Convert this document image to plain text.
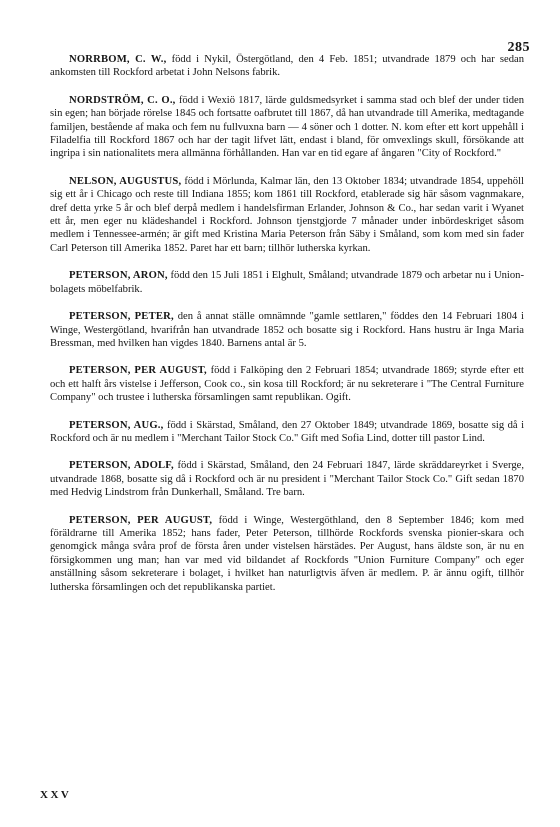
285

NORRBOM, C. W., född i Nykil, Östergötland, den 4 Feb. 1851; utvandrade 1879 och har sedan ankomsten till Rockford arbetat i John Nelsons fabrik.

NORDSTRÖM, C. O., född i Wexiö 1817, lärde guldsmedsyrket i samma stad och blef der under tiden sin egen; han började rörelse 1845 och fortsatte oafbrutet till 1867, då han utvandrade till Amerika, medtagande familjen, bestående af maka och fem nu fullvuxna barn — 4 söner och 1 dotter. N. kom efter ett kort uppehåll i Filadelfia till Rockford 1867 och har der tagit lifvet lätt, endast i bland, för omvexlings skull, försökande att ingripa i sin nationalitets mera allmänna förhållanden. Han var en tid egare af ångaren "City of Rockford."

NELSON, AUGUSTUS, född i Mörlunda, Kalmar län, den 13 Oktober 1834; utvandrade 1854, uppehöll sig ett år i Chicago och reste till Indiana 1855; kom 1861 till Rockford, etablerade sig här såsom vagnmakare, dref detta yrke 5 år och blef derpå medlem i handelsfirman Erlander, Johnson & Co., har sedan varit i Wyanet ett år, men eger nu klädeshandel i Rockford. Johnson tjenstgjorde 7 månader under inbördeskriget såsom medlem i Tennessee-armén; är gift med Kristina Maria Peterson från Säby i Småland, som kom med sin fader Carl Peterson till Amerika 1852. Paret har ett barn; tillhör lutherska kyrkan.

PETERSON, ARON, född den 15 Juli 1851 i Elghult, Småland; utvandrade 1879 och arbetar nu i Union-bolagets möbelfabrik.

PETERSON, PETER, den å annat ställe omnämnde "gamle settlaren," föddes den 14 Februari 1804 i Winge, Westergötland, hvarifrån han utvandrade 1852 och bosatte sig i Rockford. Hans hustru är Inga Maria Bressman, med hvilken han vigdes 1840. Barnens antal är 5.

PETERSON, PER AUGUST, född i Falköping den 2 Februari 1854; utvandrade 1869; styrde efter ett och ett halft års vistelse i Jefferson, Cook co., sin kosa till Rockford; är nu sekreterare i "The Central Furniture Company" och trustee i lutherska församlingen samt republikan. Ogift.

PETERSON, AUG., född i Skärstad, Småland, den 27 Oktober 1849; utvandrade 1869, bosatte sig då i Rockford och är nu medlem i "Merchant Tailor Stock Co." Gift med Sofia Lind, dotter till pastor Lind.

PETERSON, ADOLF, född i Skärstad, Småland, den 24 Februari 1847, lärde skräddareyrket i Sverge, utvandrade 1868, bosatte sig då i Rockford och är nu president i "Merchant Tailor Stock Co." Gift sedan 1870 med Hedvig Lindstrom från Dunkerhall, Småland. Tre barn.

PETERSON, PER AUGUST, född i Winge, Westergöthland, den 8 September 1846; kom med föräldrarne till Amerika 1852; hans fader, Peter Peterson, tillhörde Rockfords svenska pionier-skara och genomgick många svåra prof de första åren under vistelsen härstädes. Per August, hans äldste son, är nu en försigkommen ung man; han var med vid bildandet af Rockfords "Union Furniture Company" och eger anställning såsom sekreterare i bolaget, i hvilket han naturligtvis äfven är medlem. P. är ännu ogift, tillhör lutherska församlingen och det republikanska partiet.

XXV
